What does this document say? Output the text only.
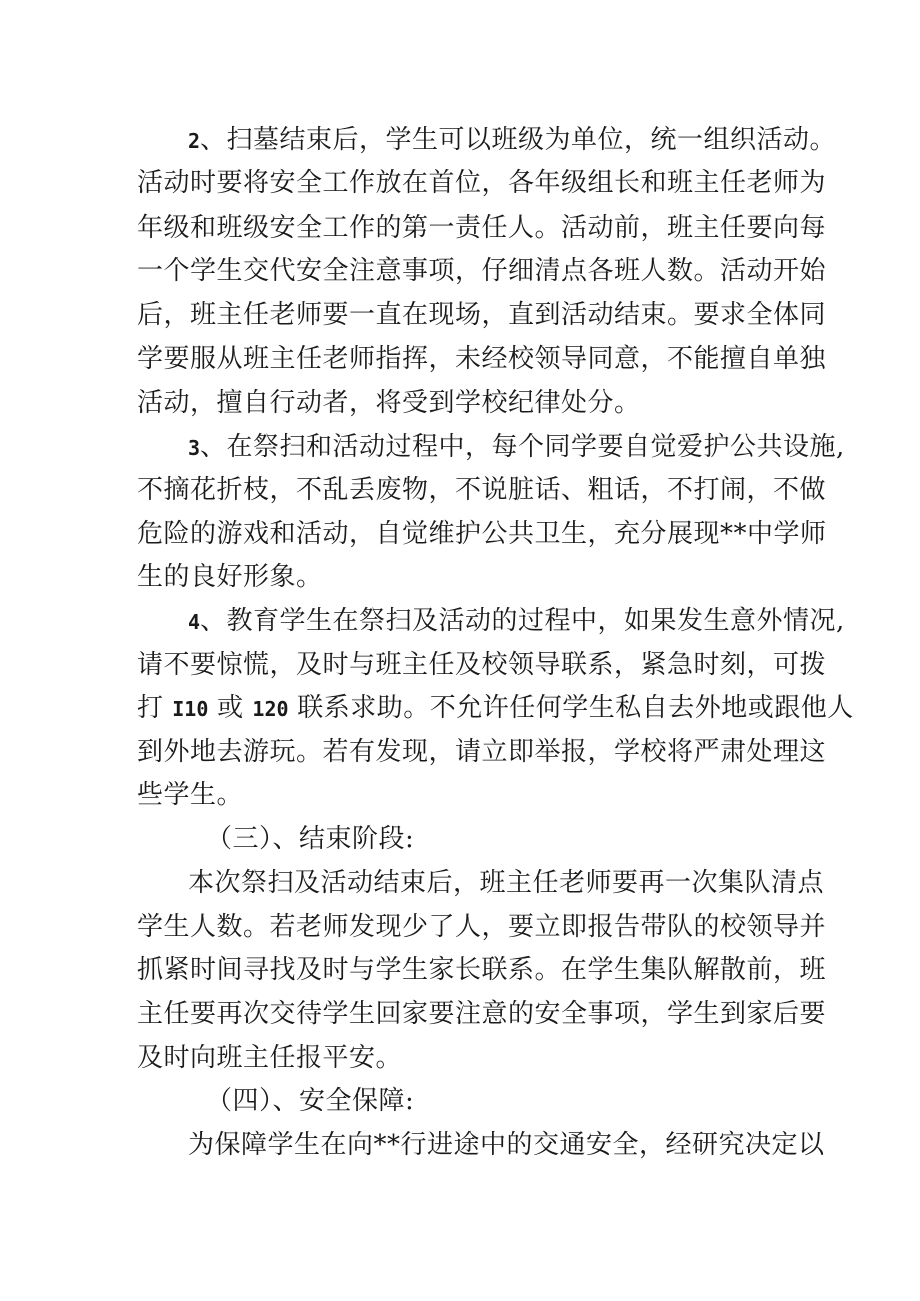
2、扫墓结束后，学生可以班级为单位，统一组织活动。
活动时要将安全工作放在首位，各年级组长和班主任老师为
年级和班级安全工作的第一责任人。活动前，班主任要向每
一个学生交代安全注意事项，仔细清点各班人数。活动开始
后，班主任老师要一直在现场，直到活动结束。要求全体同
学要服从班主任老师指挥，未经校领导同意，不能擅自单独
活动，擅自行动者，将受到学校纪律处分。
3、在祭扫和活动过程中，每个同学要自觉爱护公共设施,
不摘花折枝，不乱丢废物，不说脏话、粗话，不打闹，不做
危险的游戏和活动，自觉维护公共卫生，充分展现**中学师
生的良好形象。
4、教育学生在祭扫及活动的过程中，如果发生意外情况,
请不要惊慌，及时与班主任及校领导联系，紧急时刻，可拨
打 I10 或 120 联系求助。不允许任何学生私自去外地或跟他人
到外地去游玩。若有发现，请立即举报，学校将严肃处理这
些学生。
（三）、结束阶段:
本次祭扫及活动结束后，班主任老师要再一次集队清点
学生人数。若老师发现少了人，要立即报告带队的校领导并
抓紧时间寻找及时与学生家长联系。在学生集队解散前，班
主任要再次交待学生回家要注意的安全事项，学生到家后要
及时向班主任报平安。
（四）、安全保障:
为保障学生在向**行进途中的交通安全，经研究决定以
